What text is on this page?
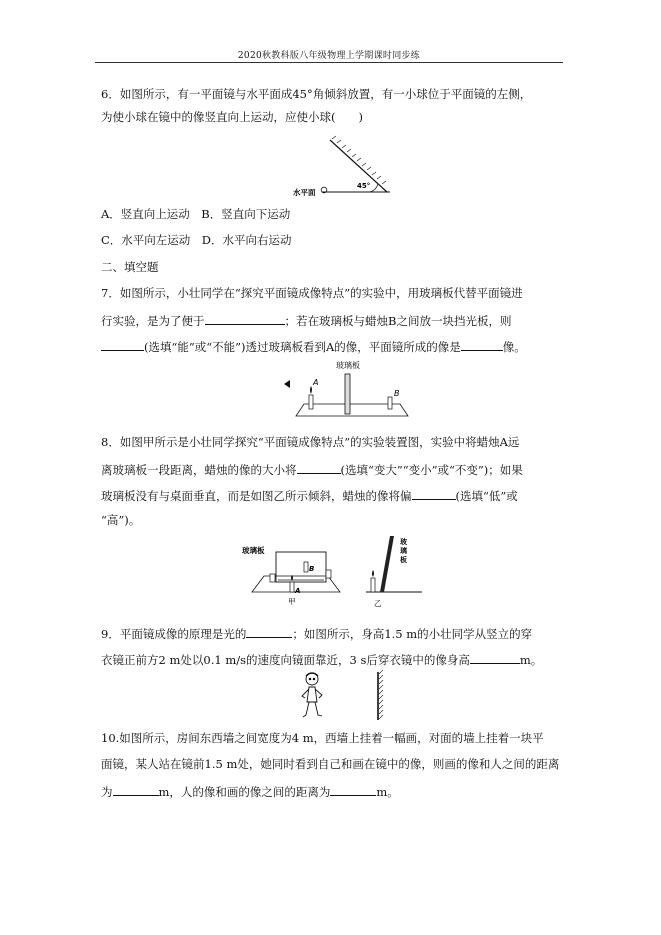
2020秋教科版八年级物理上学期课时同步练
6．如图所示，有一平面镜与水平面成45°角倾斜放置，有一小球位于平面镜的左侧，
为使小球在镜中的像竖直向上运动，应使小球(　　)
水平面
45°
A．竖直向上运动　B．竖直向下运动
C．水平向左运动　D．水平向右运动
二、填空题
7．如图所示，小壮同学在“探究平面镜成像特点”的实验中，用玻璃板代替平面镜进
行实验，是为了便于	；若在玻璃板与蜡烛B之间放一块挡光板，则
(选填“能”或“不能”)透过玻璃板看到A的像，平面镜所成的像是	像。
玻璃板
A
B
8．如图甲所示是小壮同学探究“平面镜成像特点”的实验装置图，实验中将蜡烛A远
离玻璃板一段距离，蜡烛的像的大小将	(选填“变大”“变小”或“不变”)；如果
玻璃板没有与桌面垂直，而是如图乙所示倾斜，蜡烛的像将偏	(选填“低”或
“高”)。
玻璃板
A
B
甲
玻
璃
板
乙
9．平面镜成像的原理是光的	；如图所示，身高1.5 m的小壮同学从竖立的穿
衣镜正前方2 m处以0.1 m/s的速度向镜面靠近，3 s后穿衣镜中的像身高	m。
10.如图所示，房间东西墙之间宽度为4 m，西墙上挂着一幅画，对面的墙上挂着一块平
面镜，某人站在镜前1.5 m处，她同时看到自己和画在镜中的像，则画的像和人之间的距离
为	m，人的像和画的像之间的距离为	m。
